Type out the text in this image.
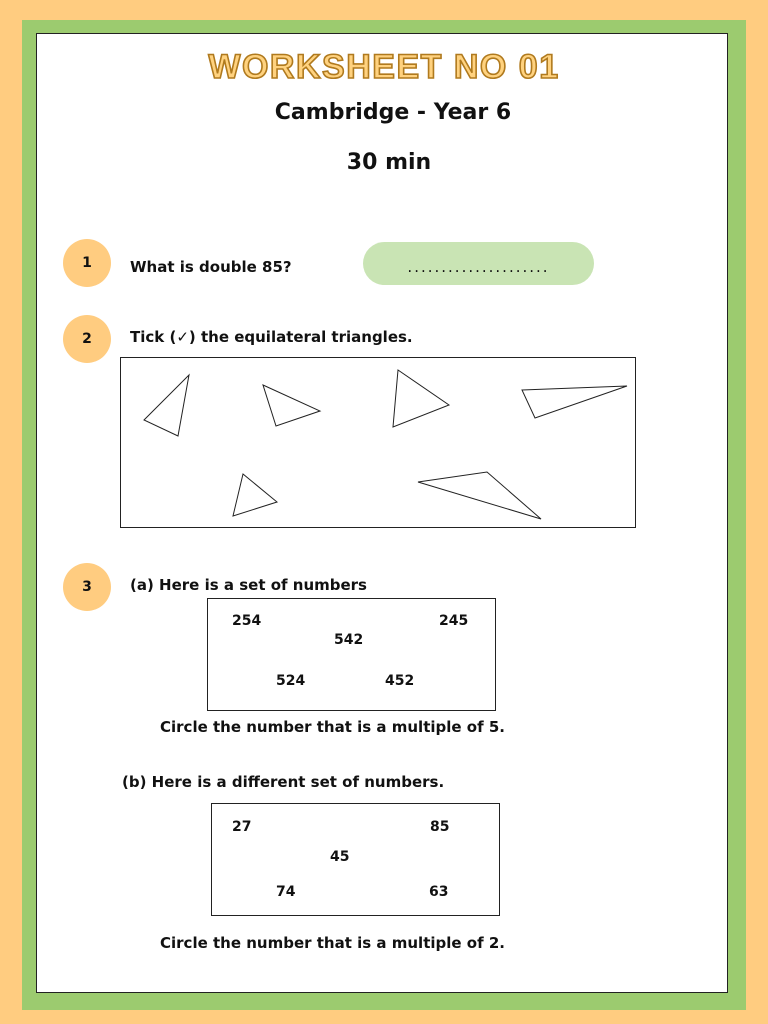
WORKSHEET NO 01
Cambridge - Year 6
30 min
1	What is double 85?	.....................
2	Tick (✓) the equilateral triangles.
3	(a) Here is a set of numbers
254	245
542
524	452
Circle the number that is a multiple of 5.
(b) Here is a different set of numbers.
27	85
45
74	63
Circle the number that is a multiple of 2.
